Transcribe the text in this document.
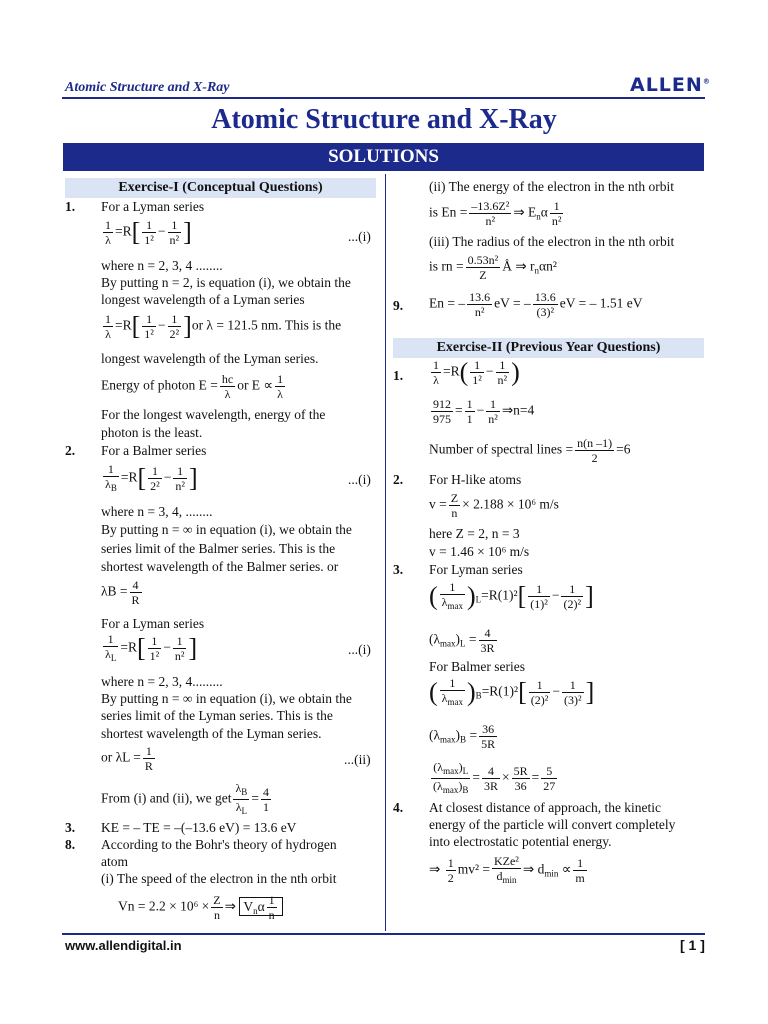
Atomic Structure and X-Ray	ALLEN®
Atomic Structure and X-Ray
SOLUTIONS
Exercise-I (Conceptual Questions)
1. For a Lyman series
$\frac{1}{\lambda} =R[ \frac{1}{\text{1²}} - \frac{1}{\text{n²}}$ ]	...(i)
where n = 2, 3, 4 ........
By putting n = 2, is equation (i), we obtain the
longest wavelength of a Lyman series
$\frac{1}{\lambda} =R[ \frac{1}{\text{1²}} - \frac{1}{\text{2²}} ]or$ λ = 121.5 nm. This is the
longest wavelength of the Lyman series.
Energy of photon $E = \frac{hc}{\lambda}$ or $E \propto \frac{1}{\lambda}$
For the longest wavelength, energy of the
photon is the least.
2. For a Balmer series
$\frac{1}{\lambda_B} =R[ \frac{1}{\text{2²}} - \frac{1}{\text{n²}}$ ]	...(i)
where n = 3, 4, ........
By putting n = ∞ in equation (i), we obtain the
series limit of the Balmer series. This is the
shortest wavelength of the Balmer series. or
$\lambda B = \frac{4}{R}$
For a Lyman series
$\frac{1}{\lambda_L} =R[ \frac{1}{\text{1²}} - \frac{1}{\text{n²}}$ ]	...(i)
where n = 2, 3, 4.........
By putting n = ∞ in equation (i), we obtain the
series limit of the Lyman series. This is the
shortest wavelength of the Lyman series.
or $\lambda L = \frac{1}{R}$	...(ii)
From (i) and (ii), we get $\frac{\lambda_B}{\lambda_L} = \frac{4}{1}$
3. KE = – TE = –(–13.6 eV) = 13.6 eV
8. According to the Bohr's theory of hydrogen
atom
(i) The speed of the electron in the nth orbit
$Vn = 2.2 \times 10^6 \times \frac{Z}{n}$ ⇒ $V_n\alpha \frac{1}{n}$
(ii) The energy of the electron in the nth orbit
is $En = \frac{\text{–13.6Z²}}{\text{n²}}$ ⇒ $E_n\alpha \frac{1}{\text{n²}}$
(iii) The radius of the electron in the nth orbit
is rn = $\frac{\text{0.53n²}}{Z}$ Å ⇒ $r_n\alpha n^2$
9. En = – $\frac{13.6}{\text{n²}}$ eV = – $\frac{13.6}{\text{(3)²}}$ eV = – 1.51 eV
Exercise-II (Previous Year Questions)
1. $\frac{1}{\lambda} =R( \frac{1}{\text{1²}} - \frac{1}{\text{n²}}$ )
$\frac{912}{975} = \frac{1}{1} - \frac{1}{\text{n²}}$ ⇒n=4
Number of spectral lines = $\frac{n(n -1)}{2} =6$
2. For H-like atoms
$v = \frac{Z}{n} \times 2.188 \times 10^6$ m/s
here Z = 2, n = 3
v = 1.46 × 10⁶ m/s
3. For Lyman series
( $\frac{1}{\lambda_{max}} )_L=R(1)^2[ \frac{1}{\text{(1)²}} - \frac{1}{\text{(2)²}}$ ]
$(\lambda_{max})_L = \frac{4}{3R}$
For Balmer series
( $\frac{1}{\lambda_{max}} )_B=R(1)^2[ \frac{1}{\text{(2)²}} - \frac{1}{\text{(3)²}}$ ]
$(\lambda_{max})_B = \frac{36}{5R}$
$\frac{(\lambda_{max})_L}{(\lambda_{max})_B} = \frac{4}{3R} \times \frac{5R}{36} = \frac{5}{27}$
4. At closest distance of approach, the kinetic
energy of the particle will convert completely
into electrostatic potential energy.
⇒ $\frac{1}{2} mv^2 = \frac{\text{KZe²}}{d_{min}}$ ⇒ $d_{min} \propto \frac{1}{m}$
www.allendigital.in	[ 1 ]
